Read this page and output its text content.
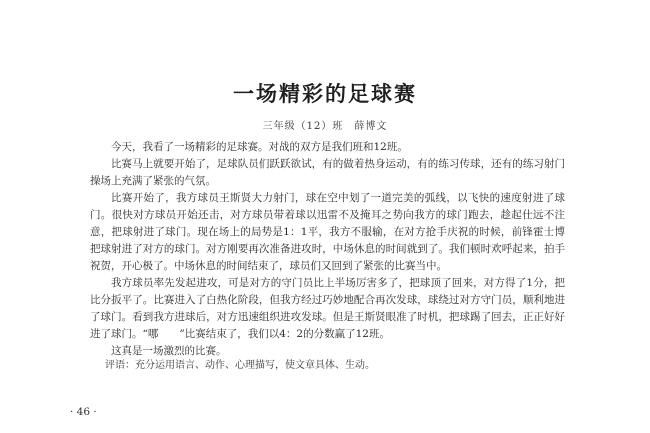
一场精彩的足球赛
三年级（12）班　薛博文

今天，我看了一场精彩的足球赛。对战的双方是我们班和12班。

比赛马上就要开始了，足球队员们跃跃欲试，有的做着热身运动，有的练习传球，还有的练习射门　　操场上充满了紧张的气氛。

比赛开始了，我方球员王斯贤大力射门，球在空中划了一道完美的弧线，以飞快的速度射进了球门。很快对方球员开始还击，对方球员带着球以迅雷不及掩耳之势向我方的球门跑去，趁起仕远不注意，把球射进了球门。现在场上的局势是1：1平，我方不服输，在对方抢手庆祝的时候，前锋霍士博把球射进了对方的球门。对方刚要再次准备进攻时，中场休息的时间就到了。我们顿时欢呼起来，拍手祝贺，开心极了。中场休息的时间结束了，球员们又回到了紧张的比赛当中。

我方球员率先发起进攻，可是对方的守门员比上半场厉害多了，把球顶了回来，对方得了1分，把比分扳平了。比赛进入了白热化阶段，但我方经过巧妙地配合再次发球，球绕过对方守门员，顺利地进了球门。看到我方进球后，对方迅速组织进攻发球。但是王斯贤眼准了时机，把球踢了回去，正正好好进了球门。“哪　　”比赛结束了，我们以4：2的分数赢了12班。

这真是一场激烈的比赛。

评语：充分运用语言、动作、心理描写，使文章具体、生动。
· 46 ·
